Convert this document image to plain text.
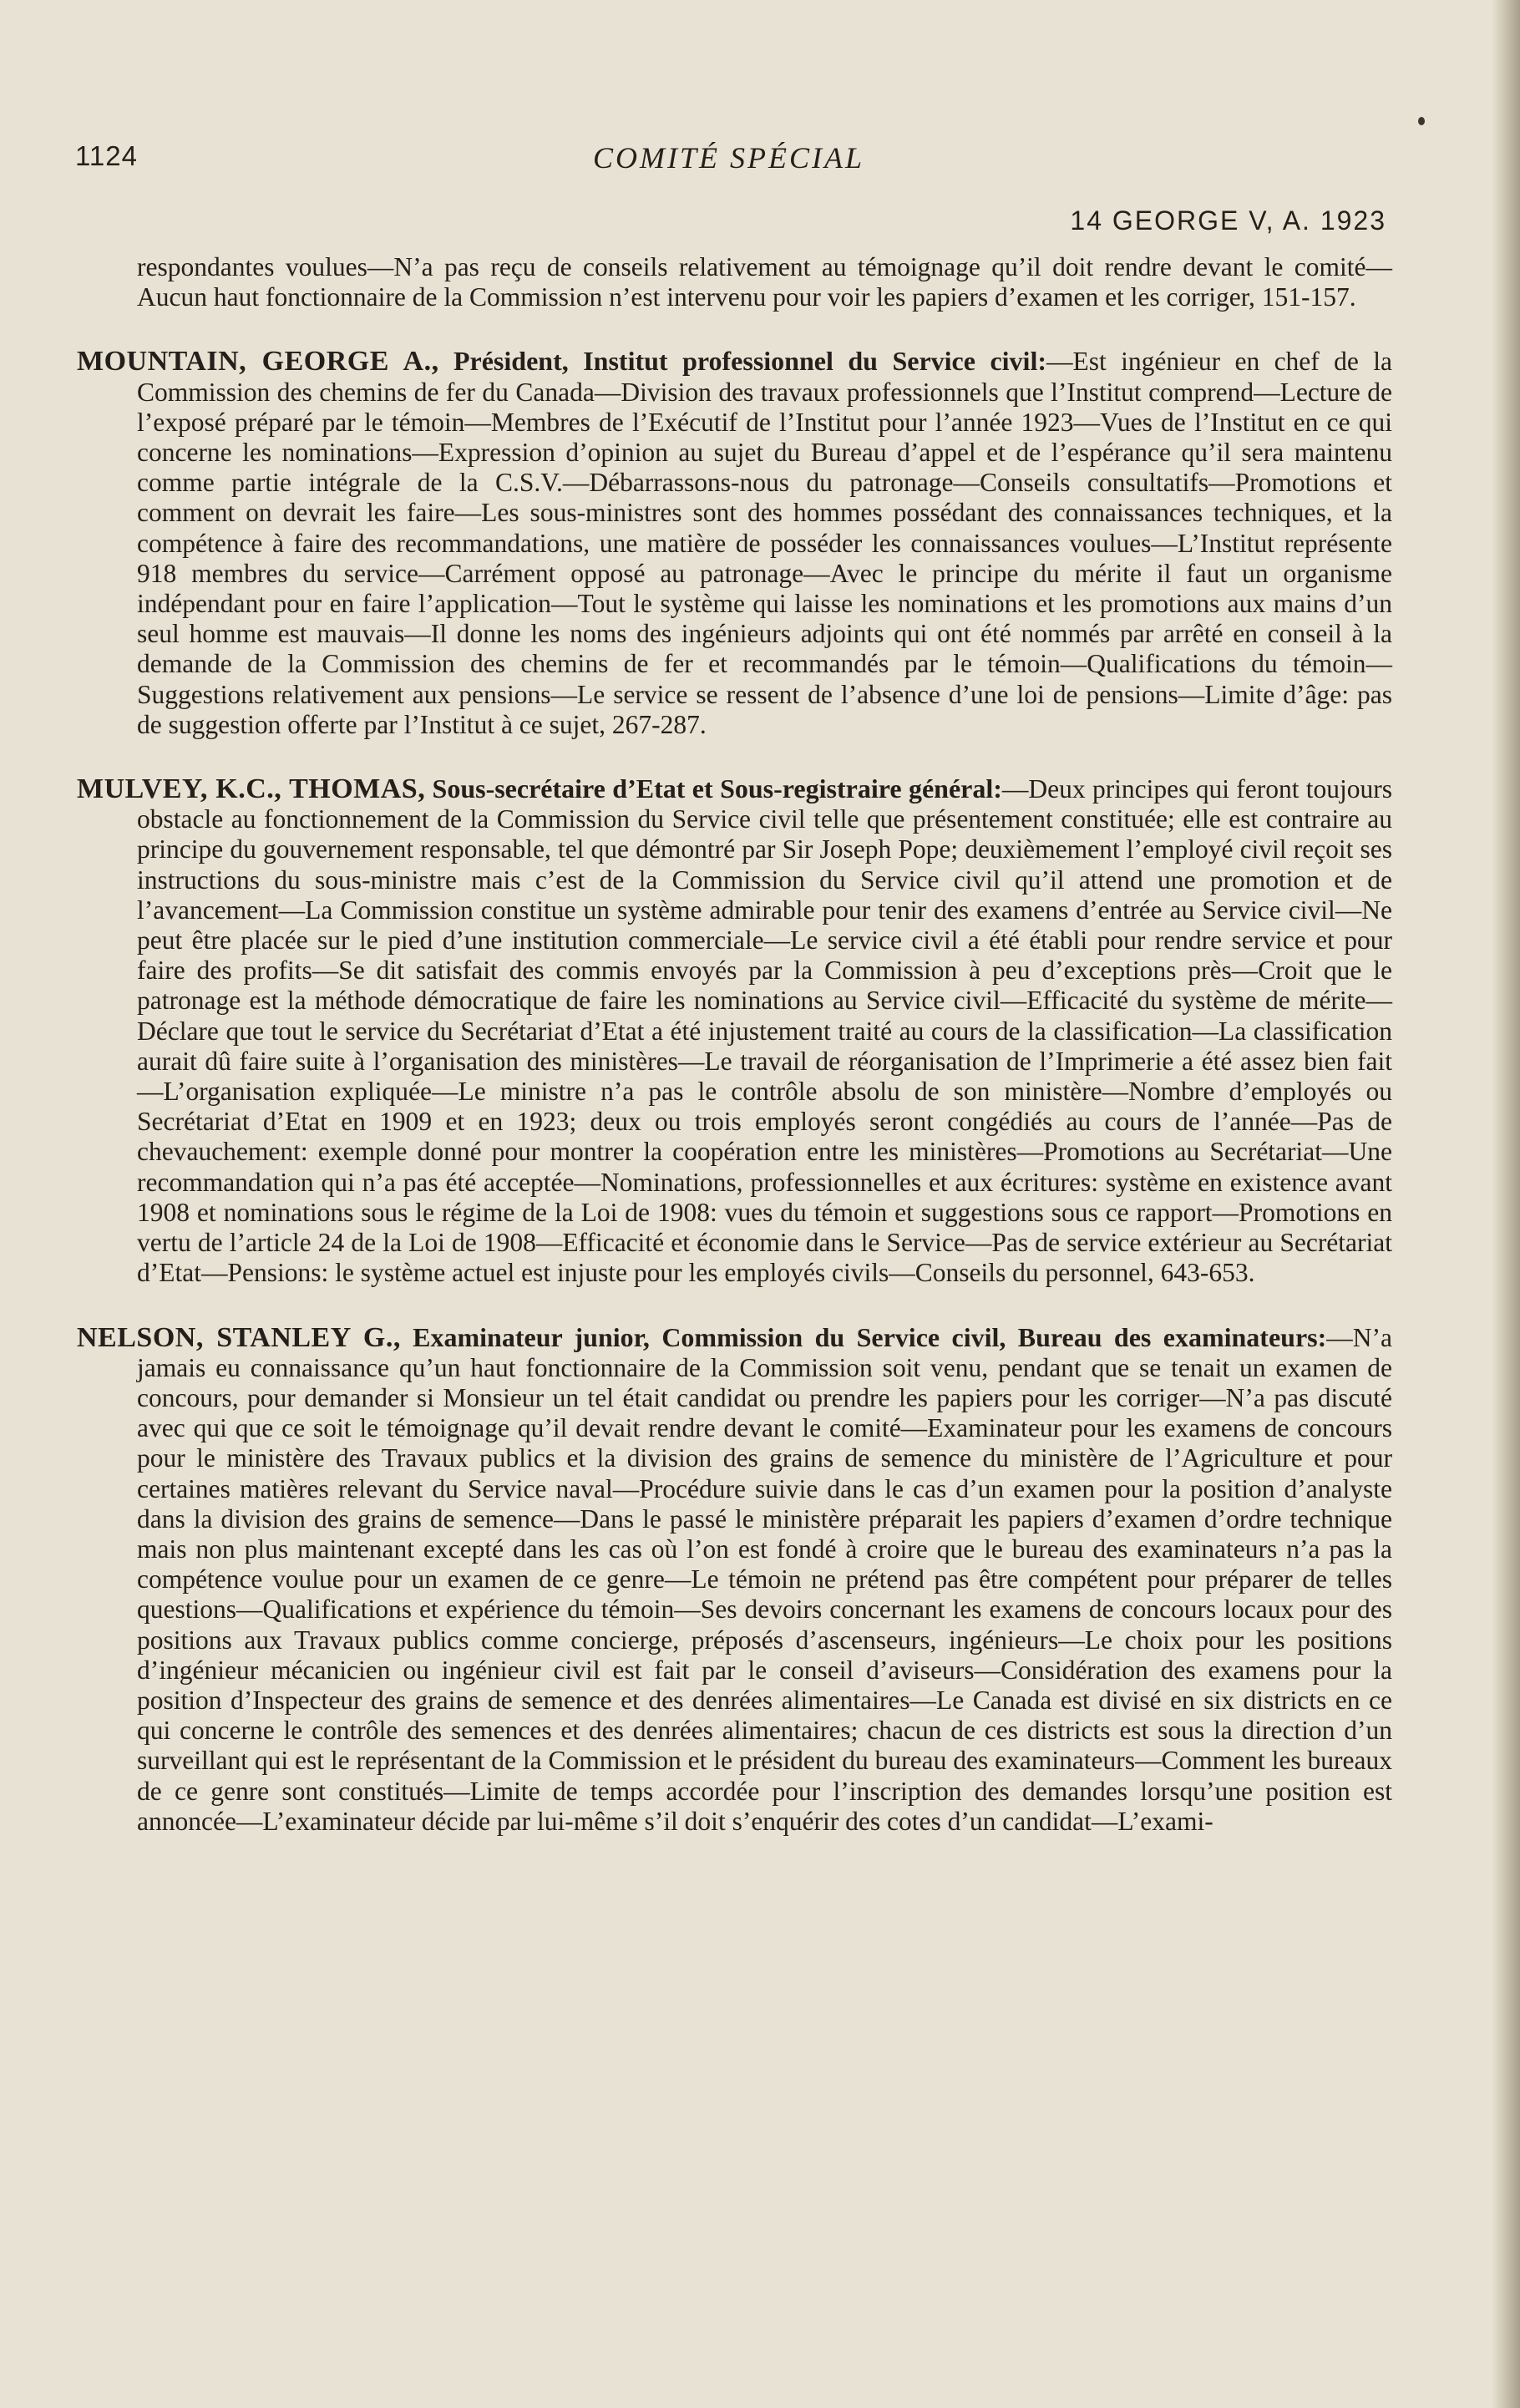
1124	COMITÉ SPÉCIAL
14 GEORGE V, A. 1923

respondantes voulues—N’a pas reçu de conseils relativement au témoignage qu’il doit rendre devant le comité—Aucun haut fonctionnaire de la Commission n’est intervenu pour voir les papiers d’examen et les corriger, 151-157.

MOUNTAIN, GEORGE A., Président, Institut professionnel du Service civil:—Est ingénieur en chef de la Commission des chemins de fer du Canada—Division des travaux professionnels que l’Institut comprend—Lecture de l’exposé préparé par le témoin—Membres de l’Exécutif de l’Institut pour l’année 1923—Vues de l’Institut en ce qui concerne les nominations—Expression d’opinion au sujet du Bureau d’appel et de l’espérance qu’il sera maintenu comme partie intégrale de la C.S.V.—Débarrassons-nous du patronage—Conseils consultatifs—Promotions et comment on devrait les faire—Les sous-ministres sont des hommes possédant des connaissances techniques, et la compétence à faire des recommandations, une matière de posséder les connaissances voulues—L’Institut représente 918 membres du service—Carrément opposé au patronage—Avec le principe du mérite il faut un organisme indépendant pour en faire l’application—Tout le système qui laisse les nominations et les promotions aux mains d’un seul homme est mauvais—Il donne les noms des ingénieurs adjoints qui ont été nommés par arrêté en conseil à la demande de la Commission des chemins de fer et recommandés par le témoin—Qualifications du témoin—Suggestions relativement aux pensions—Le service se ressent de l’absence d’une loi de pensions—Limite d’âge: pas de suggestion offerte par l’Institut à ce sujet, 267-287.

MULVEY, K.C., THOMAS, Sous-secrétaire d’Etat et Sous-registraire général:—Deux principes qui feront toujours obstacle au fonctionnement de la Commission du Service civil telle que présentement constituée; elle est contraire au principe du gouvernement responsable, tel que démontré par Sir Joseph Pope; deuxièmement l’employé civil reçoit ses instructions du sous-ministre mais c’est de la Commission du Service civil qu’il attend une promotion et de l’avancement—La Commission constitue un système admirable pour tenir des examens d’entrée au Service civil—Ne peut être placée sur le pied d’une institution commerciale—Le service civil a été établi pour rendre service et pour faire des profits—Se dit satisfait des commis envoyés par la Commission à peu d’exceptions près—Croit que le patronage est la méthode démocratique de faire les nominations au Service civil—Efficacité du système de mérite—Déclare que tout le service du Secrétariat d’Etat a été injustement traité au cours de la classification—La classification aurait dû faire suite à l’organisation des ministères—Le travail de réorganisation de l’Imprimerie a été assez bien fait—L’organisation expliquée—Le ministre n’a pas le contrôle absolu de son ministère—Nombre d’employés ou Secrétariat d’Etat en 1909 et en 1923; deux ou trois employés seront congédiés au cours de l’année—Pas de chevauchement: exemple donné pour montrer la coopération entre les ministères—Promotions au Secrétariat—Une recommandation qui n’a pas été acceptée—Nominations, professionnelles et aux écritures: système en existence avant 1908 et nominations sous le régime de la Loi de 1908: vues du témoin et suggestions sous ce rapport—Promotions en vertu de l’article 24 de la Loi de 1908—Efficacité et économie dans le Service—Pas de service extérieur au Secrétariat d’Etat—Pensions: le système actuel est injuste pour les employés civils—Conseils du personnel, 643-653.

NELSON, STANLEY G., Examinateur junior, Commission du Service civil, Bureau des examinateurs:—N’a jamais eu connaissance qu’un haut fonctionnaire de la Commission soit venu, pendant que se tenait un examen de concours, pour demander si Monsieur un tel était candidat ou prendre les papiers pour les corriger—N’a pas discuté avec qui que ce soit le témoignage qu’il devait rendre devant le comité—Examinateur pour les examens de concours pour le ministère des Travaux publics et la division des grains de semence du ministère de l’Agriculture et pour certaines matières relevant du Service naval—Procédure suivie dans le cas d’un examen pour la position d’analyste dans la division des grains de semence—Dans le passé le ministère préparait les papiers d’examen d’ordre technique mais non plus maintenant excepté dans les cas où l’on est fondé à croire que le bureau des examinateurs n’a pas la compétence voulue pour un examen de ce genre—Le témoin ne prétend pas être compétent pour préparer de telles questions—Qualifications et expérience du témoin—Ses devoirs concernant les examens de concours locaux pour des positions aux Travaux publics comme concierge, préposés d’ascenseurs, ingénieurs—Le choix pour les positions d’ingénieur mécanicien ou ingénieur civil est fait par le conseil d’aviseurs—Considération des examens pour la position d’Inspecteur des grains de semence et des denrées alimentaires—Le Canada est divisé en six districts en ce qui concerne le contrôle des semences et des denrées alimentaires; chacun de ces districts est sous la direction d’un surveillant qui est le représentant de la Commission et le président du bureau des examinateurs—Comment les bureaux de ce genre sont constitués—Limite de temps accordée pour l’inscription des demandes lorsqu’une position est annoncée—L’examinateur décide par lui-même s’il doit s’enquérir des cotes d’un candidat—L’exami-
